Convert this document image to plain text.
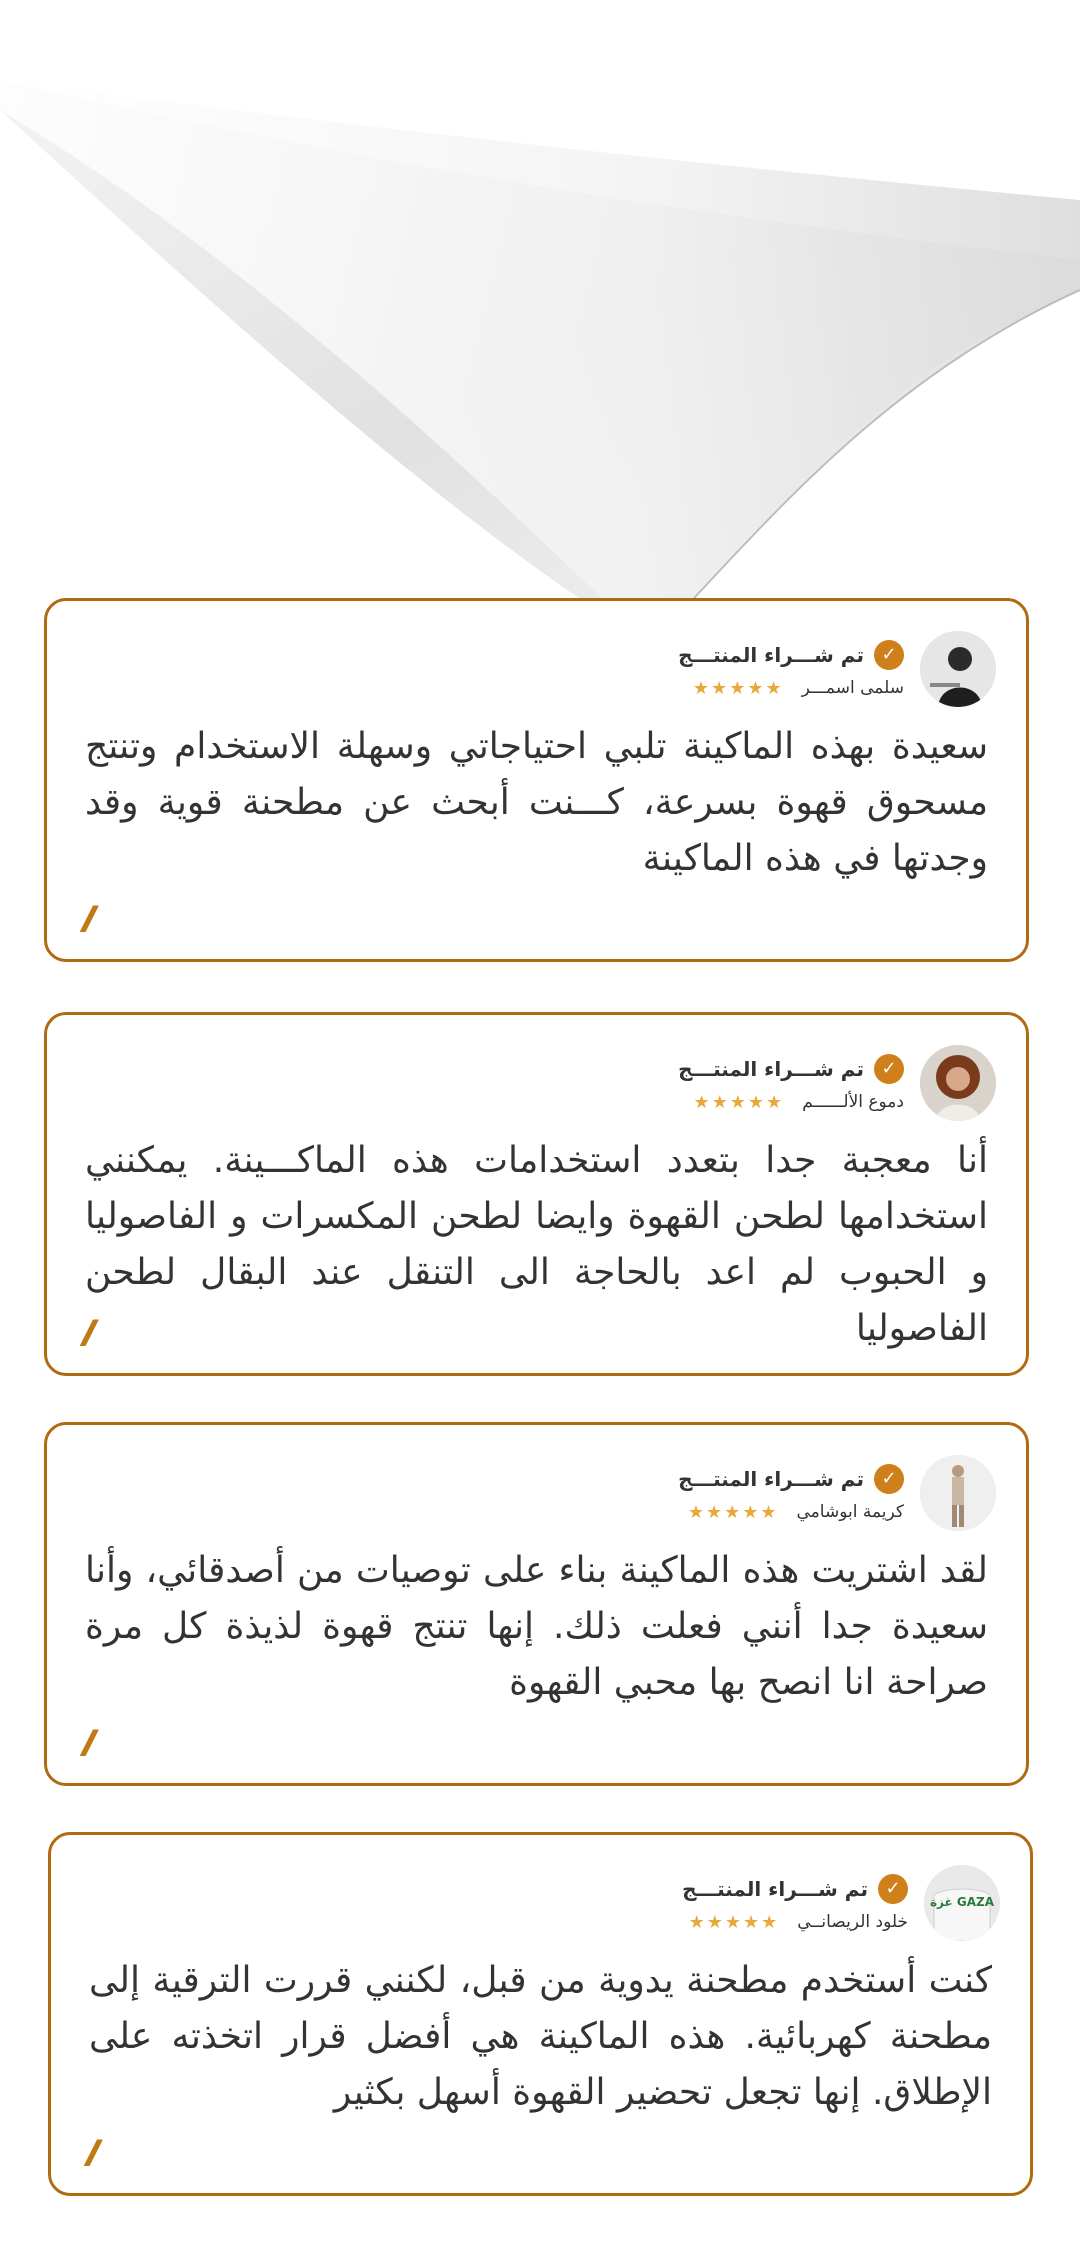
✓
تم شـــراء المنتـــج
سلمى اسمـــر
★★★★★
سعيدة بهذه الماكينة تلبي احتياجاتي وسهلة الاستخدام وتنتج مسحوق قهوة بسرعة، كـــنت أبحث عن مطحنة قوية وقد وجدتها في هذه الماكينة
✓
تم شـــراء المنتـــج
دموع الألــــــم
★★★★★
أنا معجبة جدا بتعدد استخدامات هذه الماكـــينة. يمكنني استخدامها لطحن القهوة وايضا لطحن المكسرات و الفاصوليا و الحبوب لم اعد بالحاجة الى التنقل عند البقال لطحن الفاصوليا
✓
تم شـــراء المنتـــج
كريمة ابوشامي
★★★★★
لقد اشتريت هذه الماكينة بناء على توصيات من أصدقائي، وأنا سعيدة جدا أنني فعلت ذلك. إنها تنتج قهوة لذيذة كل مرة صراحة انا انصح بها محبي القهوة
GAZA غزة
✓
تم شـــراء المنتـــج
خلود الريصانــي
★★★★★
كنت أستخدم مطحنة يدوية من قبل، لكنني قررت الترقية إلى مطحنة كهربائية. هذه الماكينة هي أفضل قرار اتخذته على الإطلاق. إنها تجعل تحضير القهوة أسهل بكثير
